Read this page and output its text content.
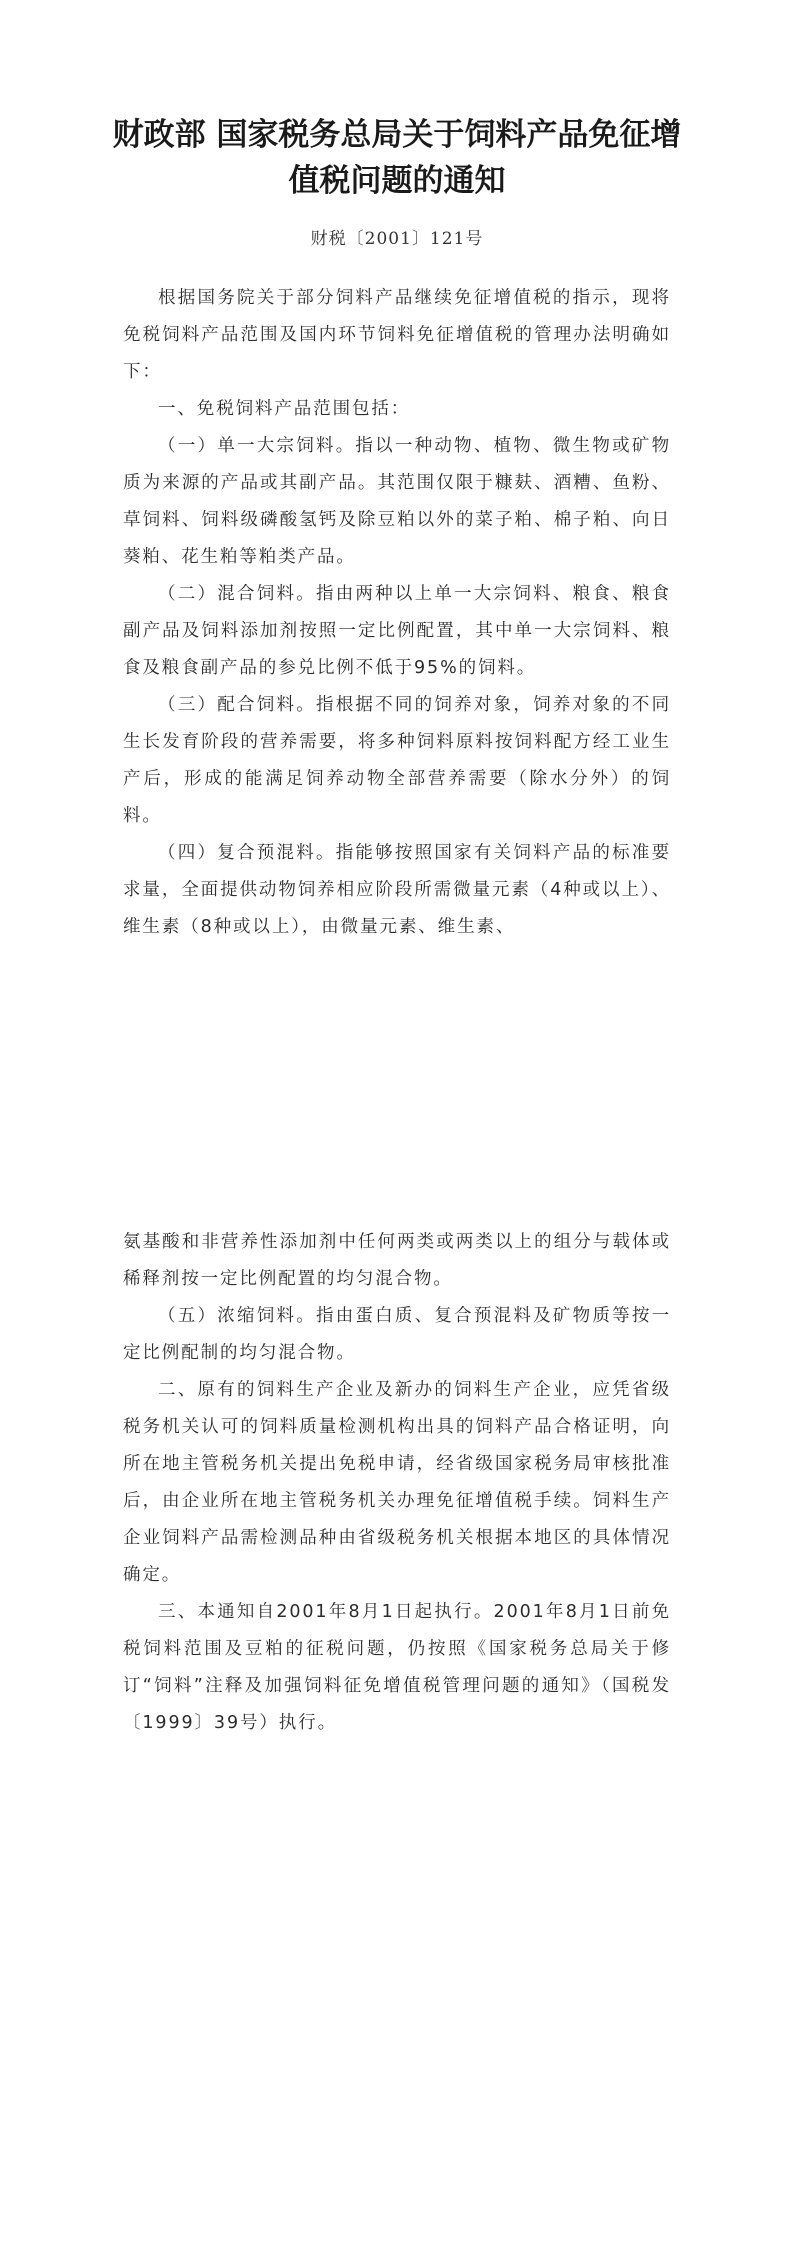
财政部 国家税务总局关于饲料产品免征增
值税问题的通知
财税〔2001〕121号

根据国务院关于部分饲料产品继续免征增值税的指示，现将免税饲料产品范围及国内环节饲料免征增值税的管理办法明确如下：

一、免税饲料产品范围包括：

（一）单一大宗饲料。指以一种动物、植物、微生物或矿物质为来源的产品或其副产品。其范围仅限于糠麸、酒糟、鱼粉、草饲料、饲料级磷酸氢钙及除豆粕以外的菜子粕、棉子粕、向日葵粕、花生粕等粕类产品。

（二）混合饲料。指由两种以上单一大宗饲料、粮食、粮食副产品及饲料添加剂按照一定比例配置，其中单一大宗饲料、粮食及粮食副产品的参兑比例不低于95%的饲料。

（三）配合饲料。指根据不同的饲养对象，饲养对象的不同生长发育阶段的营养需要，将多种饲料原料按饲料配方经工业生产后，形成的能满足饲养动物全部营养需要（除水分外）的饲料。

（四）复合预混料。指能够按照国家有关饲料产品的标准要求量，全面提供动物饲养相应阶段所需微量元素（4种或以上）、维生素（8种或以上），由微量元素、维生素、

氨基酸和非营养性添加剂中任何两类或两类以上的组分与载体或稀释剂按一定比例配置的均匀混合物。

（五）浓缩饲料。指由蛋白质、复合预混料及矿物质等按一定比例配制的均匀混合物。

二、原有的饲料生产企业及新办的饲料生产企业，应凭省级税务机关认可的饲料质量检测机构出具的饲料产品合格证明，向所在地主管税务机关提出免税申请，经省级国家税务局审核批准后，由企业所在地主管税务机关办理免征增值税手续。饲料生产企业饲料产品需检测品种由省级税务机关根据本地区的具体情况确定。

三、本通知自2001年8月1日起执行。2001年8月1日前免税饲料范围及豆粕的征税问题，仍按照《国家税务总局关于修订“饲料”注释及加强饲料征免增值税管理问题的通知》（国税发〔1999〕39号）执行。
